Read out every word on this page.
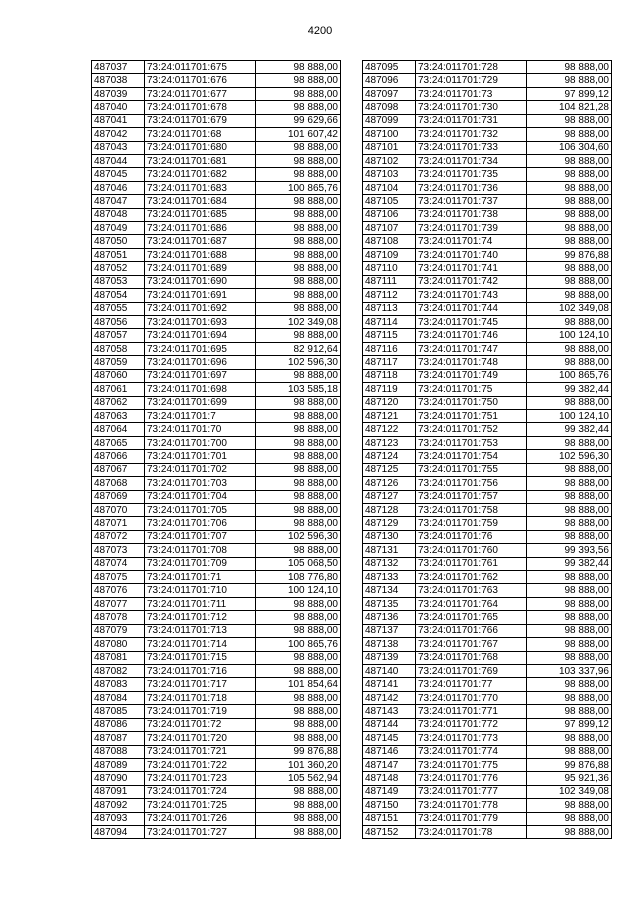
4200
487037	73:24:011701:675	98 888,00
487038	73:24:011701:676	98 888,00
487039	73:24:011701:677	98 888,00
487040	73:24:011701:678	98 888,00
487041	73:24:011701:679	99 629,66
487042	73:24:011701:68	101 607,42
487043	73:24:011701:680	98 888,00
487044	73:24:011701:681	98 888,00
487045	73:24:011701:682	98 888,00
487046	73:24:011701:683	100 865,76
487047	73:24:011701:684	98 888,00
487048	73:24:011701:685	98 888,00
487049	73:24:011701:686	98 888,00
487050	73:24:011701:687	98 888,00
487051	73:24:011701:688	98 888,00
487052	73:24:011701:689	98 888,00
487053	73:24:011701:690	98 888,00
487054	73:24:011701:691	98 888,00
487055	73:24:011701:692	98 888,00
487056	73:24:011701:693	102 349,08
487057	73:24:011701:694	98 888,00
487058	73:24:011701:695	82 912,64
487059	73:24:011701:696	102 596,30
487060	73:24:011701:697	98 888,00
487061	73:24:011701:698	103 585,18
487062	73:24:011701:699	98 888,00
487063	73:24:011701:7	98 888,00
487064	73:24:011701:70	98 888,00
487065	73:24:011701:700	98 888,00
487066	73:24:011701:701	98 888,00
487067	73:24:011701:702	98 888,00
487068	73:24:011701:703	98 888,00
487069	73:24:011701:704	98 888,00
487070	73:24:011701:705	98 888,00
487071	73:24:011701:706	98 888,00
487072	73:24:011701:707	102 596,30
487073	73:24:011701:708	98 888,00
487074	73:24:011701:709	105 068,50
487075	73:24:011701:71	108 776,80
487076	73:24:011701:710	100 124,10
487077	73:24:011701:711	98 888,00
487078	73:24:011701:712	98 888,00
487079	73:24:011701:713	98 888,00
487080	73:24:011701:714	100 865,76
487081	73:24:011701:715	98 888,00
487082	73:24:011701:716	98 888,00
487083	73:24:011701:717	101 854,64
487084	73:24:011701:718	98 888,00
487085	73:24:011701:719	98 888,00
487086	73:24:011701:72	98 888,00
487087	73:24:011701:720	98 888,00
487088	73:24:011701:721	99 876,88
487089	73:24:011701:722	101 360,20
487090	73:24:011701:723	105 562,94
487091	73:24:011701:724	98 888,00
487092	73:24:011701:725	98 888,00
487093	73:24:011701:726	98 888,00
487094	73:24:011701:727	98 888,00
487095	73:24:011701:728	98 888,00
487096	73:24:011701:729	98 888,00
487097	73:24:011701:73	97 899,12
487098	73:24:011701:730	104 821,28
487099	73:24:011701:731	98 888,00
487100	73:24:011701:732	98 888,00
487101	73:24:011701:733	106 304,60
487102	73:24:011701:734	98 888,00
487103	73:24:011701:735	98 888,00
487104	73:24:011701:736	98 888,00
487105	73:24:011701:737	98 888,00
487106	73:24:011701:738	98 888,00
487107	73:24:011701:739	98 888,00
487108	73:24:011701:74	98 888,00
487109	73:24:011701:740	99 876,88
487110	73:24:011701:741	98 888,00
487111	73:24:011701:742	98 888,00
487112	73:24:011701:743	98 888,00
487113	73:24:011701:744	102 349,08
487114	73:24:011701:745	98 888,00
487115	73:24:011701:746	100 124,10
487116	73:24:011701:747	98 888,00
487117	73:24:011701:748	98 888,00
487118	73:24:011701:749	100 865,76
487119	73:24:011701:75	99 382,44
487120	73:24:011701:750	98 888,00
487121	73:24:011701:751	100 124,10
487122	73:24:011701:752	99 382,44
487123	73:24:011701:753	98 888,00
487124	73:24:011701:754	102 596,30
487125	73:24:011701:755	98 888,00
487126	73:24:011701:756	98 888,00
487127	73:24:011701:757	98 888,00
487128	73:24:011701:758	98 888,00
487129	73:24:011701:759	98 888,00
487130	73:24:011701:76	98 888,00
487131	73:24:011701:760	99 393,56
487132	73:24:011701:761	99 382,44
487133	73:24:011701:762	98 888,00
487134	73:24:011701:763	98 888,00
487135	73:24:011701:764	98 888,00
487136	73:24:011701:765	98 888,00
487137	73:24:011701:766	98 888,00
487138	73:24:011701:767	98 888,00
487139	73:24:011701:768	98 888,00
487140	73:24:011701:769	103 337,96
487141	73:24:011701:77	98 888,00
487142	73:24:011701:770	98 888,00
487143	73:24:011701:771	98 888,00
487144	73:24:011701:772	97 899,12
487145	73:24:011701:773	98 888,00
487146	73:24:011701:774	98 888,00
487147	73:24:011701:775	99 876,88
487148	73:24:011701:776	95 921,36
487149	73:24:011701:777	102 349,08
487150	73:24:011701:778	98 888,00
487151	73:24:011701:779	98 888,00
487152	73:24:011701:78	98 888,00
